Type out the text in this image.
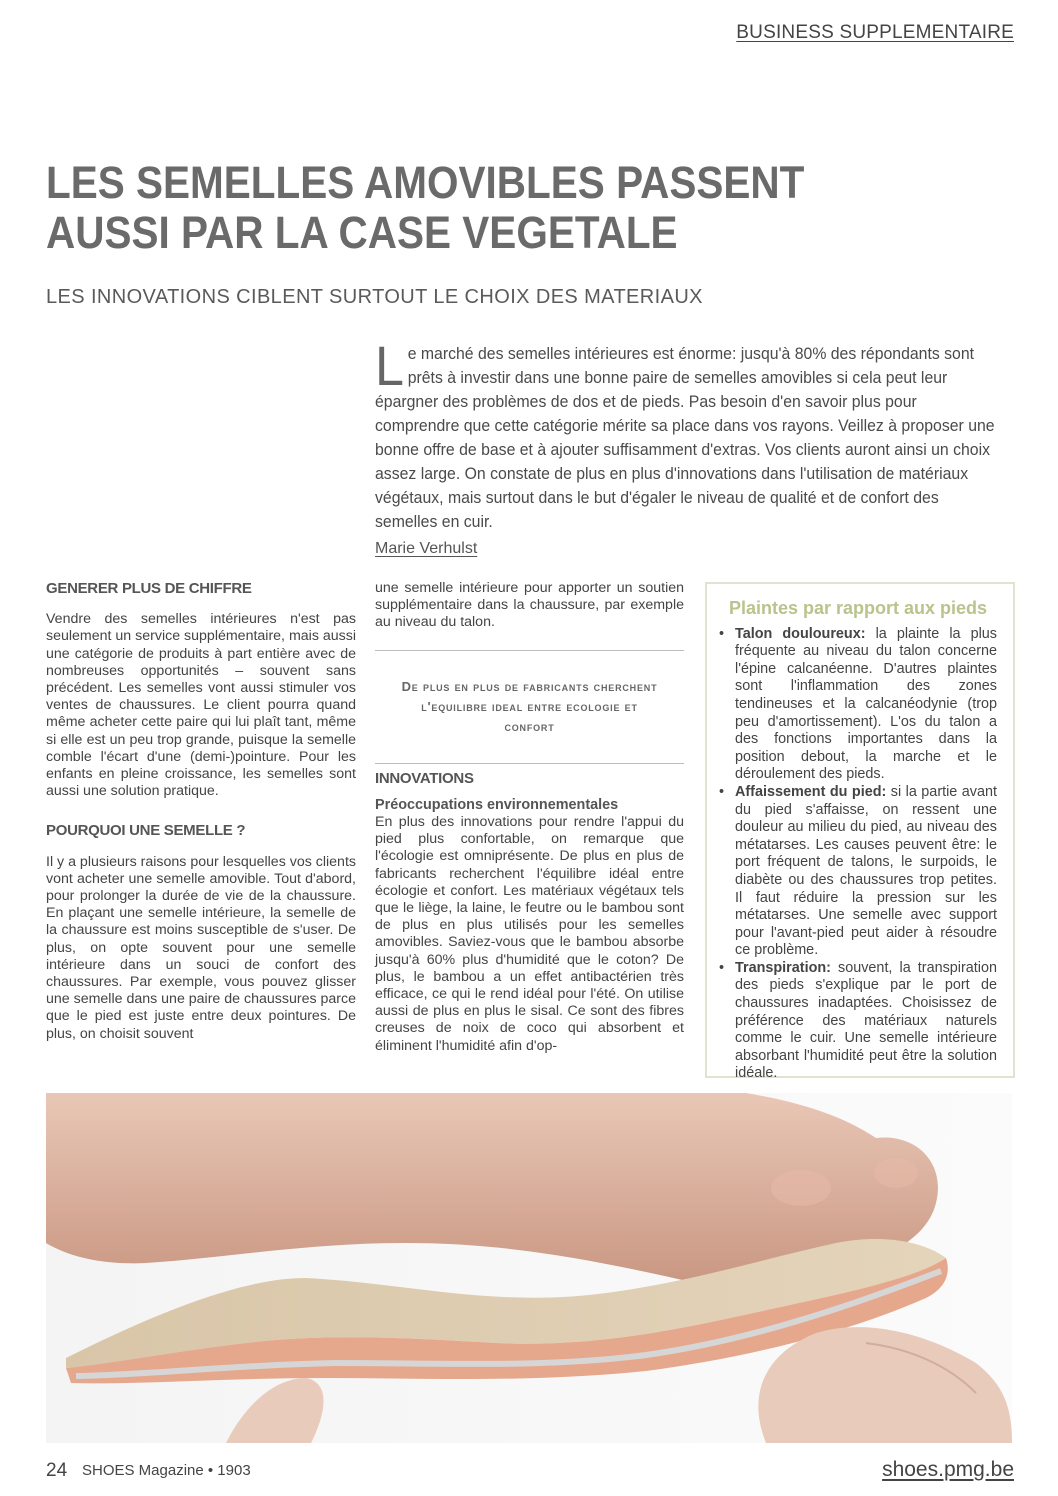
BUSINESS SUPPLEMENTAIRE
LES SEMELLES AMOVIBLES PASSENT AUSSI PAR LA CASE VEGETALE
LES INNOVATIONS CIBLENT SURTOUT LE CHOIX DES MATERIAUX

Le marché des semelles intérieures est énorme: jusqu'à 80% des répondants sont prêts à investir dans une bonne paire de semelles amovibles si cela peut leur épargner des problèmes de dos et de pieds. Pas besoin d'en savoir plus pour comprendre que cette catégorie mérite sa place dans vos rayons. Veillez à proposer une bonne offre de base et à ajouter suffisamment d'extras. Vos clients auront ainsi un choix assez large. On constate de plus en plus d'innovations dans l'utilisation de matériaux végétaux, mais surtout dans le but d'égaler le niveau de qualité et de confort des semelles en cuir.

Marie Verhulst
GENERER PLUS DE CHIFFRE

Vendre des semelles intérieures n'est pas seulement un service supplémentaire, mais aussi une catégorie de produits à part entière avec de nombreuses opportunités – souvent sans précédent. Les semelles vont aussi stimuler vos ventes de chaussures. Le client pourra quand même acheter cette paire qui lui plaît tant, même si elle est un peu trop grande, puisque la semelle comble l'écart d'une (demi-)pointure. Pour les enfants en pleine croissance, les semelles sont aussi une solution pratique.

POURQUOI UNE SEMELLE ?

Il y a plusieurs raisons pour lesquelles vos clients vont acheter une semelle amovible. Tout d'abord, pour prolonger la durée de vie de la chaussure. En plaçant une semelle intérieure, la semelle de la chaussure est moins susceptible de s'user. De plus, on opte souvent pour une semelle intérieure dans un souci de confort des chaussures. Par exemple, vous pouvez glisser une semelle dans une paire de chaussures parce que le pied est juste entre deux pointures. De plus, on choisit souvent

une semelle intérieure pour apporter un soutien supplémentaire dans la chaussure, par exemple au niveau du talon.

De plus en plus de fabricants cherchent l'equilibre ideal entre ecologie et confort
INNOVATIONS
Préoccupations environnementales

En plus des innovations pour rendre l'appui du pied plus confortable, on remarque que l'écologie est omniprésente. De plus en plus de fabricants recherchent l'équilibre idéal entre écologie et confort. Les matériaux végétaux tels que le liège, la laine, le feutre ou le bambou sont de plus en plus utilisés pour les semelles amovibles. Saviez-vous que le bambou absorbe jusqu'à 60% plus d'humidité que le coton? De plus, le bambou a un effet antibactérien très efficace, ce qui le rend idéal pour l'été. On utilise aussi de plus en plus le sisal. Ce sont des fibres creuses de noix de coco qui absorbent et éliminent l'humidité afin d'op-

Plaintes par rapport aux pieds
• Talon douloureux: la plainte la plus fréquente au niveau du talon concerne l'épine calcanéenne. D'autres plaintes sont l'inflammation des zones tendineuses et la calcanéodynie (trop peu d'amortissement). L'os du talon a des fonctions importantes dans la position debout, la marche et le déroulement des pieds.
• Affaissement du pied: si la partie avant du pied s'affaisse, on ressent une douleur au milieu du pied, au niveau des métatarses. Les causes peuvent être: le port fréquent de talons, le surpoids, le diabète ou des chaussures trop petites. Il faut réduire la pression sur les métatarses. Une semelle avec support pour l'avant-pied peut aider à résoudre ce problème.
• Transpiration: souvent, la transpiration des pieds s'explique par le port de chaussures inadaptées. Choisissez de préférence des matériaux naturels comme le cuir. Une semelle intérieure absorbant l'humidité peut être la solution idéale.
24 SHOES Magazine • 1903	shoes.pmg.be
